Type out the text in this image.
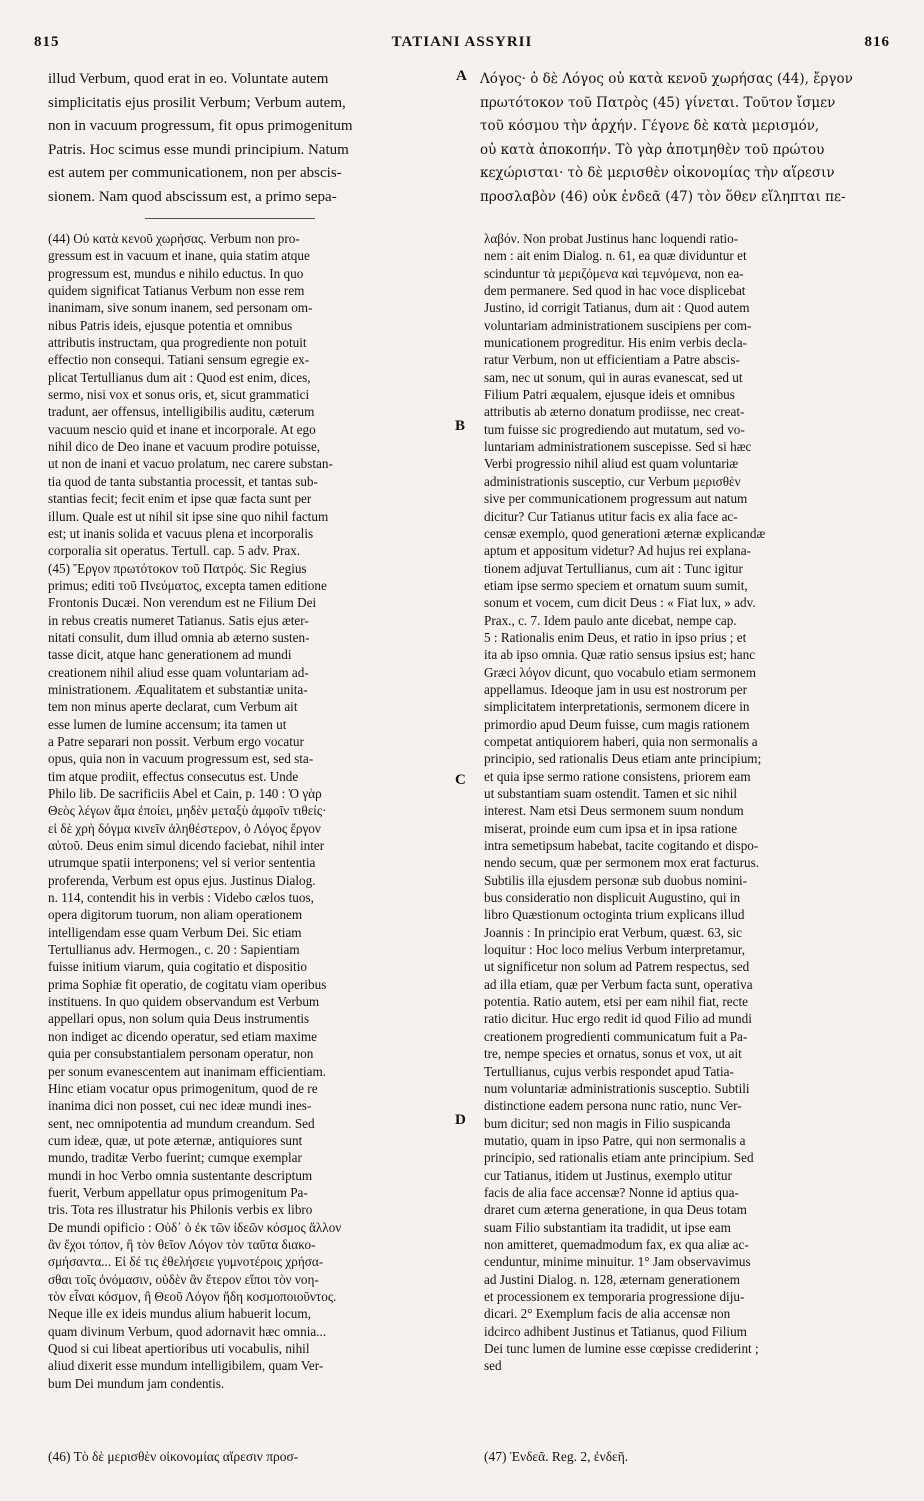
815	TATIANI ASSYRII	816
illud Verbum, quod erat in eo. Voluntate autem
simplicitatis ejus prosilit Verbum; Verbum autem,
non in vacuum progressum, fit opus primogenitum
Patris. Hoc scimus esse mundi principium. Natum
est autem per communicationem, non per abscis-
sionem. Nam quod abscissum est, a primo sepa-
Λόγος· ὁ δὲ Λόγος οὐ κατὰ κενοῦ χωρήσας (44), ἔργον
πρωτότοκον τοῦ Πατρὸς (45) γίνεται. Τοῦτον ἴσμεν
τοῦ κόσμου τὴν ἀρχήν. Γέγονε δὲ κατὰ μερισμόν,
οὐ κατὰ ἀποκοπήν. Τὸ γὰρ ἀποτμηθὲν τοῦ πρώτου
κεχώρισται· τὸ δὲ μερισθὲν οἰκονομίας τὴν αἵρεσιν
προσλαβὸν (46) οὐκ ἐνδεᾶ (47) τὸν ὅθεν εἴληπται πε-
A
B
C
D
(44) Οὐ κατὰ κενοῦ χωρήσας. Verbum non pro-
gressum est in vacuum et inane, quia statim atque
progressum est, mundus e nihilo eductus. In quo
quidem significat Tatianus Verbum non esse rem
inanimam, sive sonum inanem, sed personam om-
nibus Patris ideis, ejusque potentia et omnibus
attributis instructam, qua progrediente non potuit
effectio non consequi. Tatiani sensum egregie ex-
plicat Tertullianus dum ait : Quod est enim, dices,
sermo, nisi vox et sonus oris, et, sicut grammatici
tradunt, aer offensus, intelligibilis auditu, cæterum
vacuum nescio quid et inane et incorporale. At ego
nihil dico de Deo inane et vacuum prodire potuisse,
ut non de inani et vacuo prolatum, nec carere substan-
tia quod de tanta substantia processit, et tantas sub-
stantias fecit; fecit enim et ipse quæ facta sunt per
illum. Quale est ut nihil sit ipse sine quo nihil factum
est; ut inanis solida et vacuus plena et incorporalis
corporalia sit operatus. Tertull. cap. 5 adv. Prax.
(45) Ἔργον πρωτότοκον τοῦ Πατρός. Sic Regius
primus; editi τοῦ Πνεύματος, excepta tamen editione
Frontonis Ducæi. Non verendum est ne Filium Dei
in rebus creatis numeret Tatianus. Satis ejus æter-
nitati consulit, dum illud omnia ab æterno susten-
tasse dicit, atque hanc generationem ad mundi
creationem nihil aliud esse quam voluntariam ad-
ministrationem. Æqualitatem et substantiæ unita-
tem non minus aperte declarat, cum Verbum ait
esse lumen de lumine accensum; ita tamen ut
a Patre separari non possit. Verbum ergo vocatur
opus, quia non in vacuum progressum est, sed sta-
tim atque prodiit, effectus consecutus est. Unde
Philo lib. De sacrificiis Abel et Cain, p. 140 : Ὁ γὰρ
Θεὸς λέγων ἅμα ἐποίει, μηδὲν μεταξὺ ἀμφοῖν τιθείς·
εἰ δὲ χρὴ δόγμα κινεῖν ἀληθέστερον, ὁ Λόγος ἔργον
αὐτοῦ. Deus enim simul dicendo faciebat, nihil inter
utrumque spatii interponens; vel si verior sententia
proferenda, Verbum est opus ejus. Justinus Dialog.
n. 114, contendit his in verbis : Videbo cælos tuos,
opera digitorum tuorum, non aliam operationem
intelligendam esse quam Verbum Dei. Sic etiam
Tertullianus adv. Hermogen., c. 20 : Sapientiam
fuisse initium viarum, quia cogitatio et dispositio
prima Sophiæ fit operatio, de cogitatu viam operibus
instituens. In quo quidem observandum est Verbum
appellari opus, non solum quia Deus instrumentis
non indiget ac dicendo operatur, sed etiam maxime
quia per consubstantialem personam operatur, non
per sonum evanescentem aut inanimam efficientiam.
Hinc etiam vocatur opus primogenitum, quod de re
inanima dici non posset, cui nec ideæ mundi ines-
sent, nec omnipotentia ad mundum creandum. Sed
cum ideæ, quæ, ut pote æternæ, antiquiores sunt
mundo, traditæ Verbo fuerint; cumque exemplar
mundi in hoc Verbo omnia sustentante descriptum
fuerit, Verbum appellatur opus primogenitum Pa-
tris. Tota res illustratur his Philonis verbis ex libro
De mundi opificio : Οὐδ᾽ ὁ ἐκ τῶν ἰδεῶν κόσμος ἄλλον
ἂν ἔχοι τόπον, ἢ τὸν θεῖον Λόγον τὸν ταῦτα διακο-
σμήσαντα... Εἰ δέ τις ἐθελήσειε γυμνοτέροις χρήσα-
σθαι τοῖς ὀνόμασιν, οὐδὲν ἂν ἕτερον εἴποι τὸν νοη-
τὸν εἶναι κόσμον, ἢ Θεοῦ Λόγον ἤδη κοσμοποιοῦντος.
Neque ille ex ideis mundus alium habuerit locum,
quam divinum Verbum, quod adornavit hæc omnia...
Quod si cui libeat apertioribus uti vocabulis, nihil
aliud dixerit esse mundum intelligibilem, quam Ver-
bum Dei mundum jam condentis.
λαβόν. Non probat Justinus hanc loquendi ratio-
nem : ait enim Dialog. n. 61, ea quæ dividuntur et
scinduntur τὰ μεριζόμενα καὶ τεμνόμενα, non ea-
dem permanere. Sed quod in hac voce displicebat
Justino, id corrigit Tatianus, dum ait : Quod autem
voluntariam administrationem suscipiens per com-
municationem progreditur. His enim verbis decla-
ratur Verbum, non ut efficientiam a Patre abscis-
sam, nec ut sonum, qui in auras evanescat, sed ut
Filium Patri æqualem, ejusque ideis et omnibus
attributis ab æterno donatum prodiisse, nec creat-
tum fuisse sic progrediendo aut mutatum, sed vo-
luntariam administrationem suscepisse. Sed si hæc
Verbi progressio nihil aliud est quam voluntariæ
administrationis susceptio, cur Verbum μερισθὲν
sive per communicationem progressum aut natum
dicitur? Cur Tatianus utitur facis ex alia face ac-
censæ exemplo, quod generationi æternæ explicandæ
aptum et appositum videtur? Ad hujus rei explana-
tionem adjuvat Tertullianus, cum ait : Tunc igitur
etiam ipse sermo speciem et ornatum suum sumit,
sonum et vocem, cum dicit Deus : « Fiat lux, » adv.
Prax., c. 7. Idem paulo ante dicebat, nempe cap.
5 : Rationalis enim Deus, et ratio in ipso prius ; et
ita ab ipso omnia. Quæ ratio sensus ipsius est; hanc
Græci λόγον dicunt, quo vocabulo etiam sermonem
appellamus. Ideoque jam in usu est nostrorum per
simplicitatem interpretationis, sermonem dicere in
primordio apud Deum fuisse, cum magis rationem
competat antiquiorem haberi, quia non sermonalis a
principio, sed rationalis Deus etiam ante principium;
et quia ipse sermo ratione consistens, priorem eam
ut substantiam suam ostendit. Tamen et sic nihil
interest. Nam etsi Deus sermonem suum nondum
miserat, proinde eum cum ipsa et in ipsa ratione
intra semetipsum habebat, tacite cogitando et dispo-
nendo secum, quæ per sermonem mox erat facturus.
Subtilis illa ejusdem personæ sub duobus nomini-
bus consideratio non displicuit Augustino, qui in
libro Quæstionum octoginta trium explicans illud
Joannis : In principio erat Verbum, quæst. 63, sic
loquitur : Hoc loco melius Verbum interpretamur,
ut significetur non solum ad Patrem respectus, sed
ad illa etiam, quæ per Verbum facta sunt, operativa
potentia. Ratio autem, etsi per eam nihil fiat, recte
ratio dicitur. Huc ergo redit id quod Filio ad mundi
creationem progredienti communicatum fuit a Pa-
tre, nempe species et ornatus, sonus et vox, ut ait
Tertullianus, cujus verbis respondet apud Tatia-
num voluntariæ administrationis susceptio. Subtili
distinctione eadem persona nunc ratio, nunc Ver-
bum dicitur; sed non magis in Filio suspicanda
mutatio, quam in ipso Patre, qui non sermonalis a
principio, sed rationalis etiam ante principium. Sed
cur Tatianus, itidem ut Justinus, exemplo utitur
facis de alia face accensæ? Nonne id aptius qua-
draret cum æterna generatione, in qua Deus totam
suam Filio substantiam ita tradidit, ut ipse eam
non amitteret, quemadmodum fax, ex qua aliæ ac-
cenduntur, minime minuitur. 1° Jam observavimus
ad Justini Dialog. n. 128, æternam generationem
et processionem ex temporaria progressione diju-
dicari. 2° Exemplum facis de alia accensæ non
idcirco adhibent Justinus et Tatianus, quod Filium
Dei tunc lumen de lumine esse cœpisse crediderint ;
sed
(46) Τὸ δὲ μερισθὲν οἰκονομίας αἵρεσιν προσ-	(47) Ἐνδεᾶ. Reg. 2, ἐνδεῆ.
